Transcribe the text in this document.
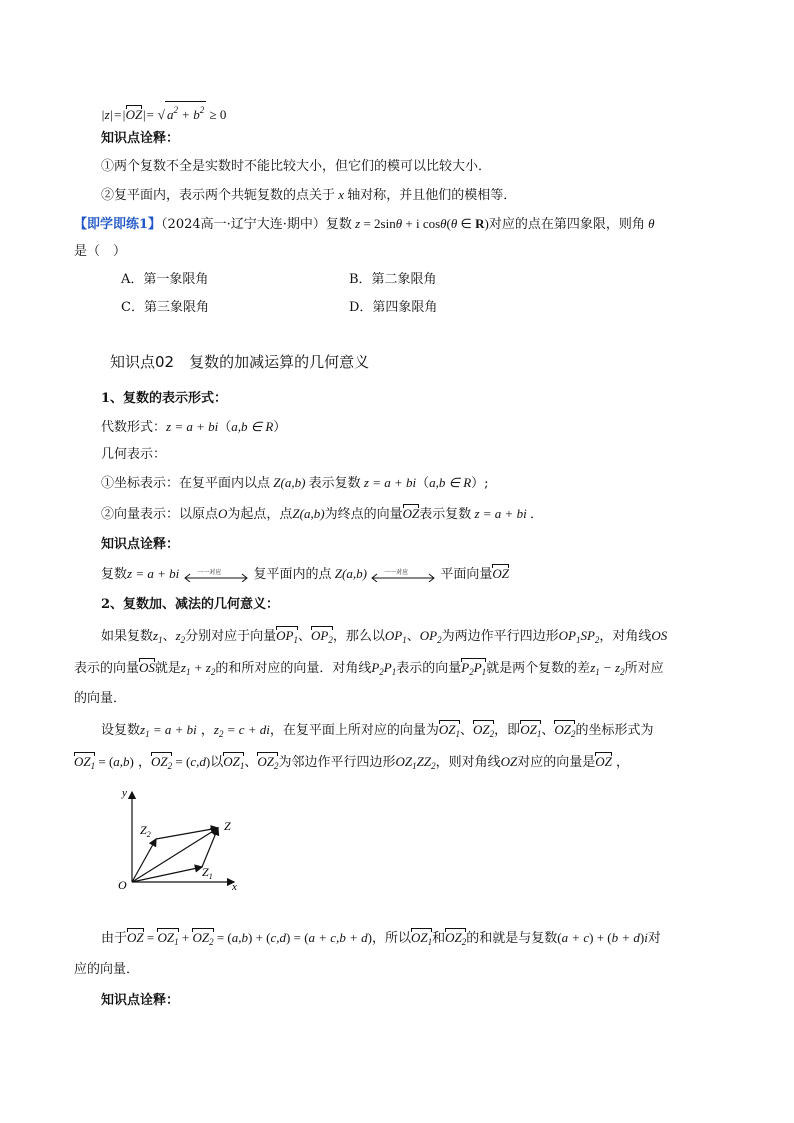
|z|=|OZ|= √ $a^2 + b^2 \ge 0$
知识点诠释：
①两个复数不全是实数时不能比较大小，但它们的模可以比较大小．
②复平面内，表示两个共轭复数的点关于 x 轴对称，并且他们的模相等．
【即学即练1】（2024高一·辽宁大连·期中）复数 z = 2sinθ + i cosθ(θ ∈ R)对应的点在第四象限，则角 θ
是（　）
A．第一象限角	B．第二象限角
C．第三象限角	D．第四象限角
知识点02　复数的加减运算的几何意义
1、复数的表示形式：
代数形式：z = a + bi（a,b ∈ R）
几何表示：
①坐标表示：在复平面内以点 Z(a,b) 表示复数 z = a + bi（a,b ∈ R）;
②向量表示：以原点O为起点，点Z(a,b)为终点的向量OZ表示复数 z = a + bi ．
知识点诠释：
复数z = a + bi	一一对应 复平面内的点 Z(a,b) 一一对应 平面向量OZ
2、复数加、减法的几何意义：
如果复数$z_1$、$z_2$分别对应于向量$OP_1$、$OP_2$，那么以$OP_1$、$OP_2$为两边作平行四边形$OP_1SP_2$，对角线OS
表示的向量OS就是$z_1 + z_2$的和所对应的向量．对角线$P_2P_1$表示的向量$P_2P_1$就是两个复数的差$z_1 - z_2$所对应
的向量．
设复数$z_1 = a$ + bi ，$z_2 = c$ + di，在复平面上所对应的向量为$OZ_1$、$OZ_2$，即$OZ_1$、$OZ_2$的坐标形式为
$OZ_1 = (a,b)$ ，$OZ_2 = (c,d)$以$OZ_1$、$OZ_2$为邻边作平行四边形$OZ_1ZZ_2$，则对角线OZ对应的向量是OZ ，
y
x
O
Z
$Z_2$
$Z_1$
由于OZ = $OZ_1 + OZ_2 = (a,b) + (c,d) = (a + c,b + d)$，所以$OZ_1$和$OZ_2$的和就是与复数(a + c) + (b + d)i对
应的向量．
知识点诠释：
